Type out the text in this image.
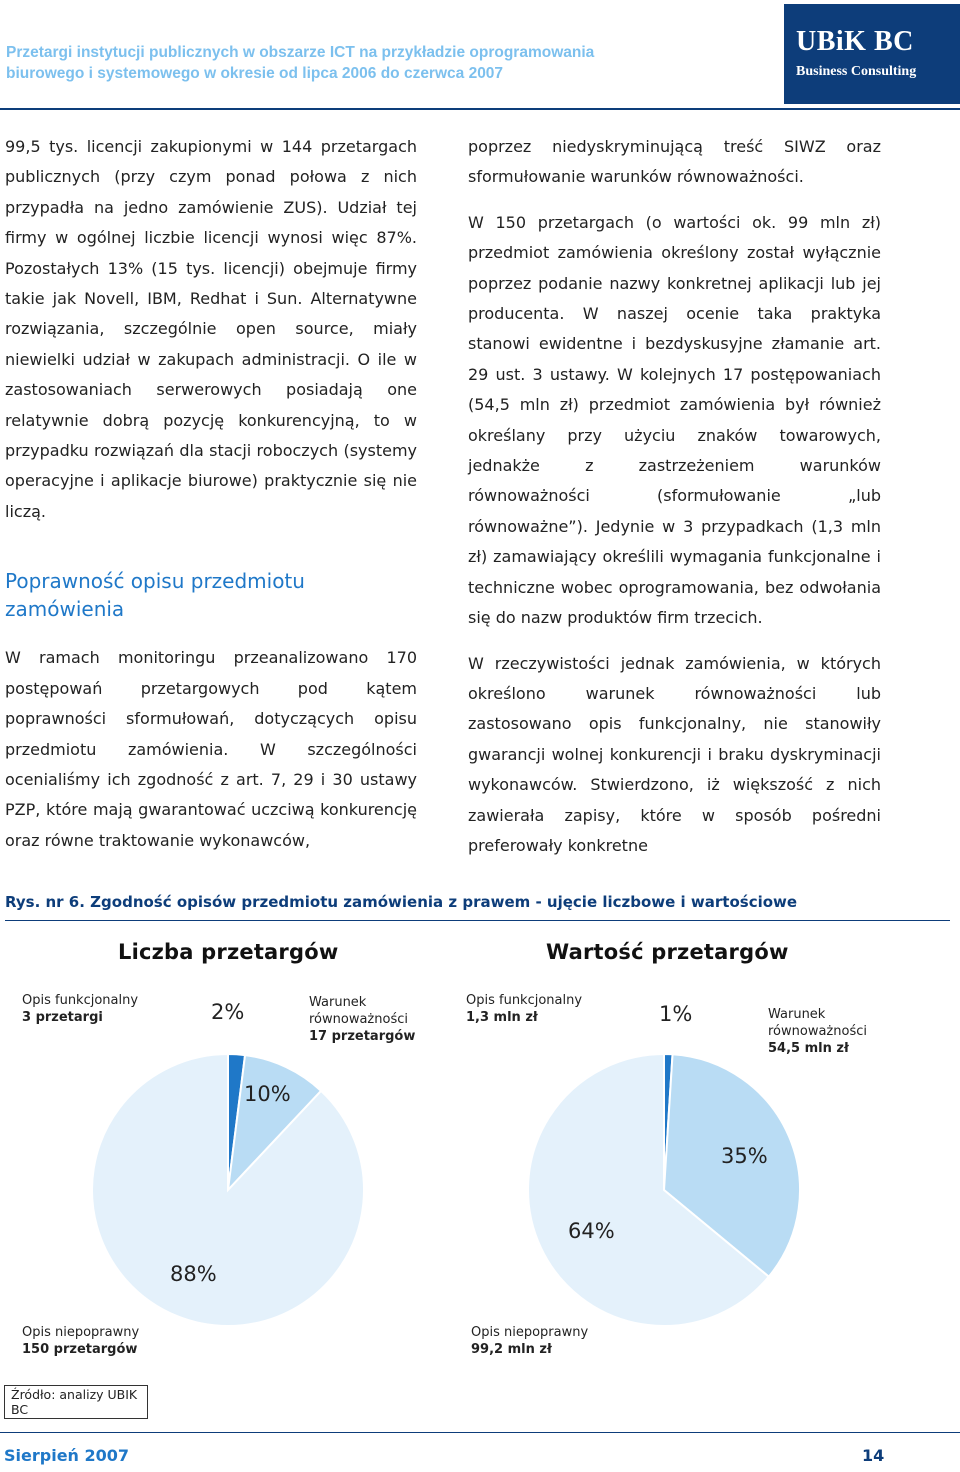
Przetargi instytucji publicznych w obszarze ICT na przykładzie oprogramowania
biurowego i systemowego w okresie od lipca 2006 do czerwca 2007
UBiK BC
Business Consulting

99,5 tys. licencji zakupionymi w 144 przetargach publicznych (przy czym ponad połowa z nich przypadła na jedno zamówienie ZUS). Udział tej firmy w ogólnej liczbie licencji wynosi więc 87%. Pozostałych 13% (15 tys. licencji) obejmuje firmy takie jak Novell, IBM, Redhat i Sun. Alternatywne rozwiązania, szczególnie open source, miały niewielki udział w zakupach administracji. O ile w zastosowaniach serwerowych posiadają one relatywnie dobrą pozycję konkurencyjną, to w przypadku rozwiązań dla stacji roboczych (systemy operacyjne i aplikacje biurowe) praktycznie się nie liczą.

Poprawność opisu przedmiotu zamówienia

W ramach monitoringu przeanalizowano 170 postępowań przetargowych pod kątem poprawności sformułowań, dotyczących opisu przedmiotu zamówienia. W szczególności ocenialiśmy ich zgodność z art. 7, 29 i 30 ustawy PZP, które mają gwarantować uczciwą konkurencję oraz równe traktowanie wykonawców,

poprzez niedyskryminującą treść SIWZ oraz sformułowanie warunków równoważności.

W 150 przetargach (o wartości ok. 99 mln zł) przedmiot zamówienia określony został wyłącznie poprzez podanie nazwy konkretnej aplikacji lub jej producenta. W naszej ocenie taka praktyka stanowi ewidentne i bezdyskusyjne złamanie art. 29 ust. 3 ustawy. W kolejnych 17 postępowaniach (54,5 mln zł) przedmiot zamówienia był również określany przy użyciu znaków towarowych, jednakże z zastrzeżeniem warunków równoważności (sformułowanie „lub równoważne”). Jedynie w 3 przypadkach (1,3 mln zł) zamawiający określili wymagania funkcjonalne i techniczne wobec oprogramowania, bez odwołania się do nazw produktów firm trzecich.

W rzeczywistości jednak zamówienia, w których określono warunek równoważności lub zastosowano opis funkcjonalny, nie stanowiły gwarancji wolnej konkurencji i braku dyskryminacji wykonawców. Stwierdzono, iż większość z nich zawierała zapisy, które w sposób pośredni preferowały konkretne

Rys. nr 6. Zgodność opisów przedmiotu zamówienia z prawem - ujęcie liczbowe i wartościowe
Liczba przetargów
Opis funkcjonalny
3 przetargi	2%	Warunek równoważności
17 przetargów
10%
88%
Opis niepoprawny
150 przetargów
Wartość przetargów
Opis funkcjonalny
1,3 mln zł	1%	Warunek równoważności
54,5 mln zł
35%
64%
Opis niepoprawny
99,2 mln zł
Źródło: analizy UBIK BC
Sierpień 2007	14
